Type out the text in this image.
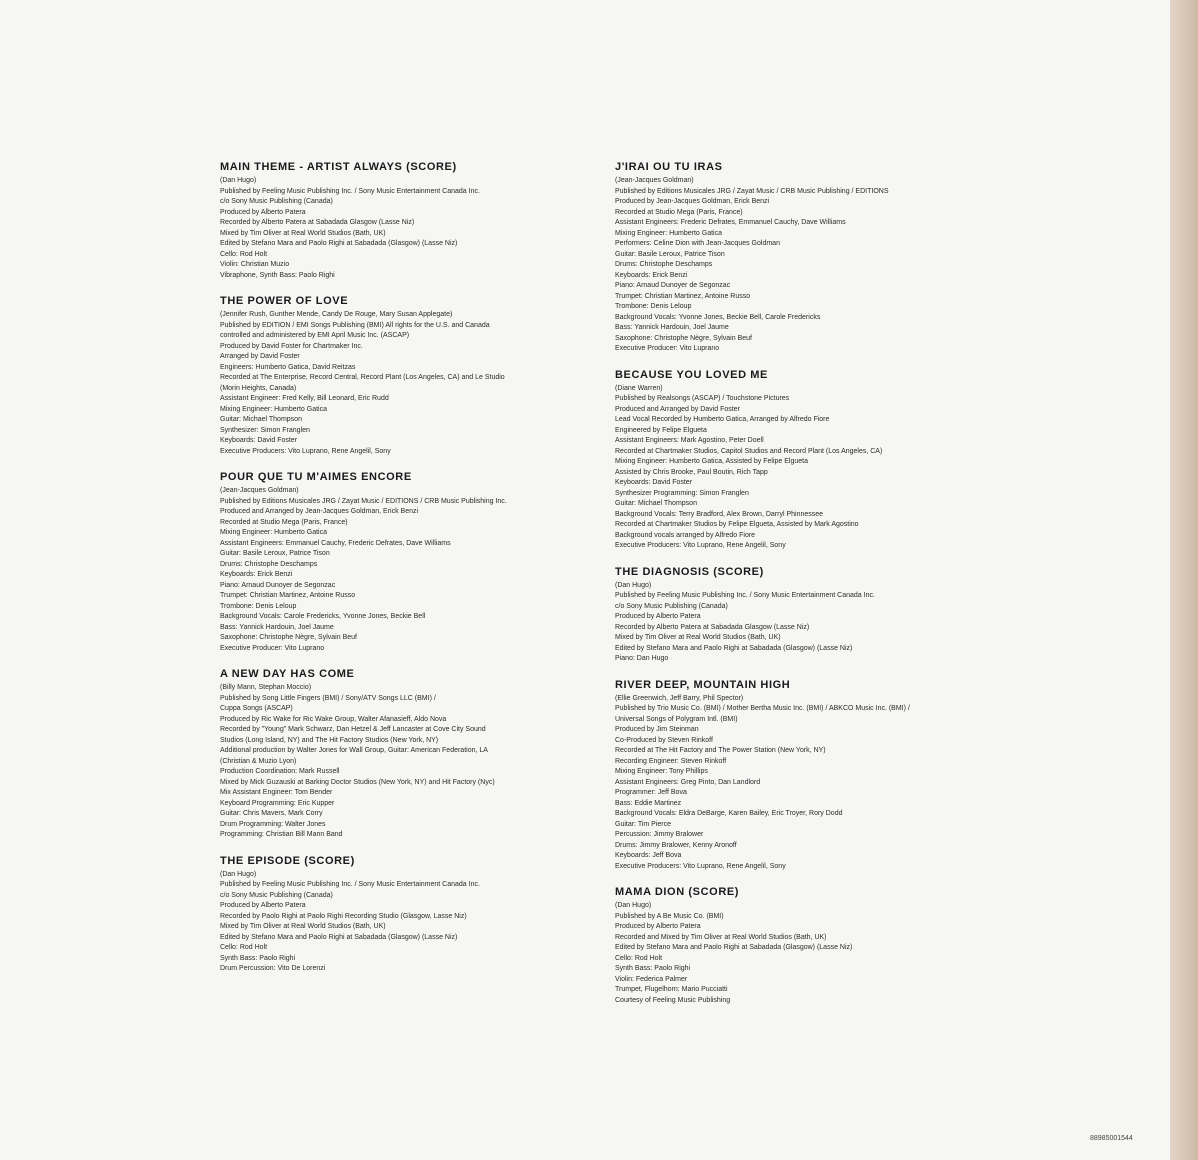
MAIN THEME - ARTIST ALWAYS (SCORE)
(Dan Hugo)
Published by Feeling Music Publishing Inc. / Sony Music Entertainment Canada Inc.
c/o Sony Music Publishing (Canada)
Produced by Alberto Patera
Recorded by Alberto Patera at Sabadada Glasgow (Lasse Niz)
Mixed by Tim Oliver at Real World Studios (Bath, UK)
Edited by Stefano Mara and Paolo Righi at Sabadada (Glasgow) (Lasse Niz)
Cello: Rod Holt
Violin: Christian Muzio
Vibraphone, Synth Bass: Paolo Righi
THE POWER OF LOVE
(Jennifer Rush, Gunther Mende, Candy De Rouge, Mary Susan Applegate)
Published by EDITION / EMI Songs Publishing (BMI) All rights for the U.S. and Canada
controlled and administered by EMI April Music Inc. (ASCAP)
Produced by David Foster for Chartmaker Inc.
Arranged by David Foster
Engineers: Humberto Gatica, David Reitzas
Recorded at The Enterprise, Record Central, Record Plant (Los Angeles, CA) and Le Studio
(Morin Heights, Canada)
Assistant Engineer: Fred Kelly, Bill Leonard, Eric Rudd
Mixing Engineer: Humberto Gatica
Guitar: Michael Thompson
Synthesizer: Simon Franglen
Keyboards: David Foster
Executive Producers: Vito Luprano, Rene Angelil, Sony
POUR QUE TU M'AIMES ENCORE
(Jean-Jacques Goldman)
Published by Editions Musicales JRG / Zayat Music / EDITIONS / CRB Music Publishing Inc.
Produced and Arranged by Jean-Jacques Goldman, Erick Benzi
Recorded at Studio Mega (Paris, France)
Mixing Engineer: Humberto Gatica
Assistant Engineers: Emmanuel Cauchy, Frederic Defrates, Dave Williams
Guitar: Basile Leroux, Patrice Tison
Drums: Christophe Deschamps
Keyboards: Erick Benzi
Piano: Arnaud Dunoyer de Segonzac
Trumpet: Christian Martinez, Antoine Russo
Trombone: Denis Leloup
Background Vocals: Carole Fredericks, Yvonne Jones, Beckie Bell
Bass: Yannick Hardouin, Joel Jaume
Saxophone: Christophe Nègre, Sylvain Beuf
Executive Producer: Vito Luprano
A NEW DAY HAS COME
(Billy Mann, Stephan Moccio)
Published by Song Little Fingers (BMI) / Sony/ATV Songs LLC (BMI) /
Cuppa Songs (ASCAP)
Produced by Ric Wake for Ric Wake Group, Walter Afanasieff, Aldo Nova
Recorded by "Young" Mark Schwarz, Dan Hetzel & Jeff Lancaster at Cove City Sound
Studios (Long Island, NY) and The Hit Factory Studios (New York, NY)
Additional production by Walter Jones for Wall Group, Guitar: American Federation, LA
(Christian & Muzio Lyon)
Production Coordination: Mark Russell
Mixed by Mick Guzauski at Barking Doctor Studios (New York, NY) and Hit Factory (Nyc)
Mix Assistant Engineer: Tom Bender
Keyboard Programming: Eric Kupper
Guitar: Chris Mavers, Mark Corry
Drum Programming: Walter Jones
Programming: Christian Bill Mann Band
THE EPISODE (SCORE)
(Dan Hugo)
Published by Feeling Music Publishing Inc. / Sony Music Entertainment Canada Inc.
c/o Sony Music Publishing (Canada)
Produced by Alberto Patera
Recorded by Paolo Righi at Paolo Righi Recording Studio (Glasgow, Lasse Niz)
Mixed by Tim Oliver at Real World Studios (Bath, UK)
Edited by Stefano Mara and Paolo Righi at Sabadada (Glasgow) (Lasse Niz)
Cello: Rod Holt
Synth Bass: Paolo Righi
Drum Percussion: Vito De Lorenzi
J'IRAI OU TU IRAS
(Jean-Jacques Goldman)
Published by Editions Musicales JRG / Zayat Music / CRB Music Publishing / EDITIONS
Produced by Jean-Jacques Goldman, Erick Benzi
Recorded at Studio Mega (Paris, France)
Assistant Engineers: Frederic Defrates, Emmanuel Cauchy, Dave Williams
Mixing Engineer: Humberto Gatica
Performers: Celine Dion with Jean-Jacques Goldman
Guitar: Basile Leroux, Patrice Tison
Drums: Christophe Deschamps
Keyboards: Erick Benzi
Piano: Arnaud Dunoyer de Segonzac
Trumpet: Christian Martinez, Antoine Russo
Trombone: Denis Leloup
Background Vocals: Yvonne Jones, Beckie Bell, Carole Fredericks
Bass: Yannick Hardouin, Joel Jaume
Saxophone: Christophe Nègre, Sylvain Beuf
Executive Producer: Vito Luprano
BECAUSE YOU LOVED ME
(Diane Warren)
Published by Realsongs (ASCAP) / Touchstone Pictures
Produced and Arranged by David Foster
Lead Vocal Recorded by Humberto Gatica, Arranged by Alfredo Fiore
Engineered by Felipe Elgueta
Assistant Engineers: Mark Agostino, Peter Doell
Recorded at Chartmaker Studios, Capitol Studios and Record Plant (Los Angeles, CA)
Mixing Engineer: Humberto Gatica, Assisted by Felipe Elgueta
Assisted by Chris Brooke, Paul Boutin, Rich Tapp
Keyboards: David Foster
Synthesizer Programming: Simon Franglen
Guitar: Michael Thompson
Background Vocals: Terry Bradford, Alex Brown, Darryl Phinnessee
Recorded at Chartmaker Studios by Felipe Elgueta, Assisted by Mark Agostino
Background vocals arranged by Alfredo Fiore
Executive Producers: Vito Luprano, Rene Angelil, Sony
THE DIAGNOSIS (SCORE)
(Dan Hugo)
Published by Feeling Music Publishing Inc. / Sony Music Entertainment Canada Inc.
c/o Sony Music Publishing (Canada)
Produced by Alberto Patera
Recorded by Alberto Patera at Sabadada Glasgow (Lasse Niz)
Mixed by Tim Oliver at Real World Studios (Bath, UK)
Edited by Stefano Mara and Paolo Righi at Sabadada (Glasgow) (Lasse Niz)
Piano: Dan Hugo
RIVER DEEP, MOUNTAIN HIGH
(Ellie Greenwich, Jeff Barry, Phil Spector)
Published by Trio Music Co. (BMI) / Mother Bertha Music Inc. (BMI) / ABKCO Music Inc. (BMI) /
Universal Songs of Polygram Intl. (BMI)
Produced by Jim Steinman
Co-Produced by Steven Rinkoff
Recorded at The Hit Factory and The Power Station (New York, NY)
Recording Engineer: Steven Rinkoff
Mixing Engineer: Tony Phillips
Assistant Engineers: Greg Pinto, Dan Landlord
Programmer: Jeff Bova
Bass: Eddie Martinez
Background Vocals: Eldra DeBarge, Karen Bailey, Eric Troyer, Rory Dodd
Guitar: Tim Pierce
Percussion: Jimmy Bralower
Drums: Jimmy Bralower, Kenny Aronoff
Keyboards: Jeff Bova
Executive Producers: Vito Luprano, Rene Angelil, Sony
MAMA DION (SCORE)
(Dan Hugo)
Published by A Be Music Co. (BMI)
Produced by Alberto Patera
Recorded and Mixed by Tim Oliver at Real World Studios (Bath, UK)
Edited by Stefano Mara and Paolo Righi at Sabadada (Glasgow) (Lasse Niz)
Cello: Rod Holt
Synth Bass: Paolo Righi
Violin: Federica Palmer
Trumpet, Flugelhorn: Mario Pucciatti
Courtesy of Feeling Music Publishing
88985001544
